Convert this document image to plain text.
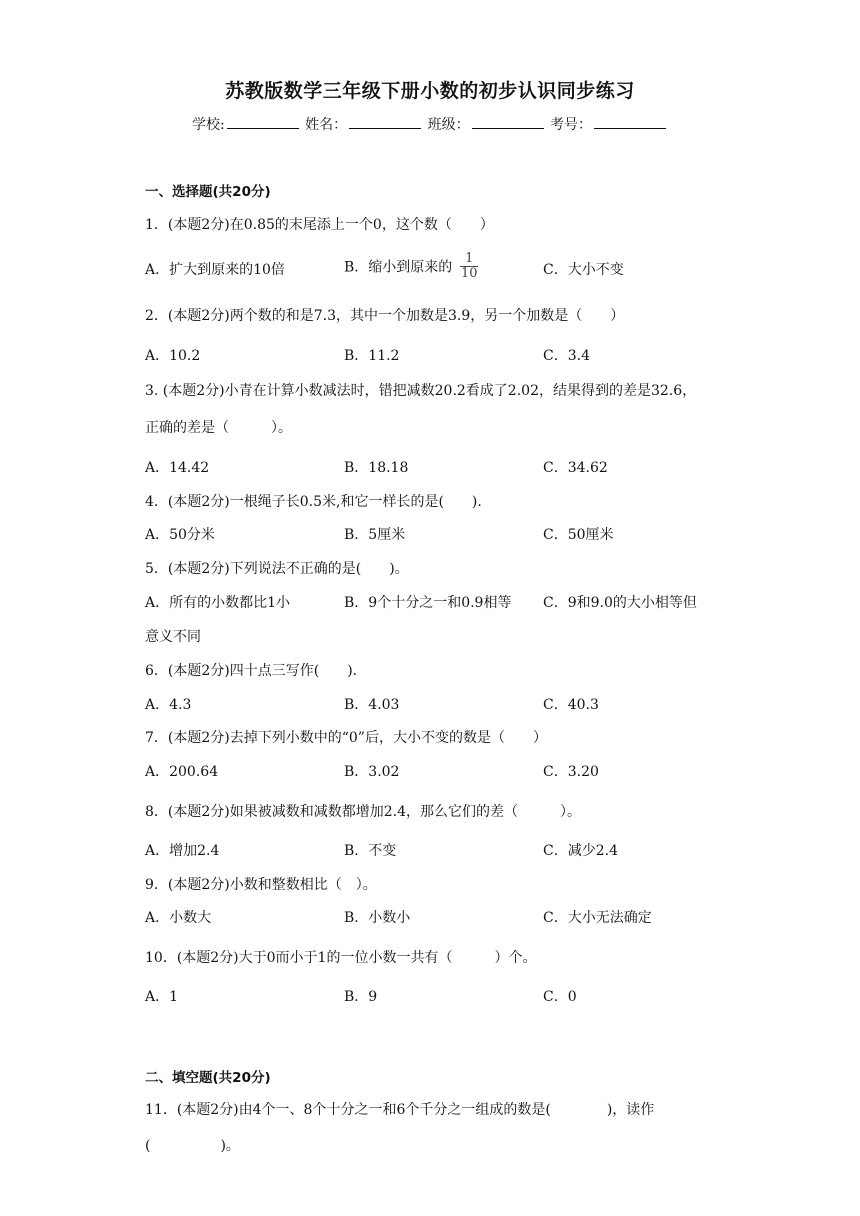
苏教版数学三年级下册小数的初步认识同步练习
学校:	姓名：	班级：	考号：
一、选择题(共20分)
1．(本题2分)在0.85的末尾添上一个0，这个数（　　）
A．扩大到原来的10倍	B．缩小到原来的 $\frac{1}{10}$	C．大小不变
2．(本题2分)两个数的和是7.3，其中一个加数是3.9，另一个加数是（　　）
A．10.2	B．11.2	C．3.4
3. (本题2分)小青在计算小数减法时，错把减数20.2看成了2.02，结果得到的差是32.6，
正确的差是（　　　）。
A．14.42	B．18.18	C．34.62
4．(本题2分)一根绳子长0.5米,和它一样长的是(　　).
A．50分米	B．5厘米	C．50厘米
5．(本题2分)下列说法不正确的是(　　)。
A．所有的小数都比1小	B．9个十分之一和0.9相等 C．9和9.0的大小相等但
意义不同
6．(本题2分)四十点三写作(　　).
A．4.3	B．4.03	C．40.3
7．(本题2分)去掉下列小数中的“0”后，大小不变的数是（　　）
A．200.64	B．3.02	C．3.20
8．(本题2分)如果被减数和减数都增加2.4，那么它们的差（　　　）。
A．增加2.4	B．不变	C．减少2.4
9．(本题2分)小数和整数相比（　）。
A．小数大	B．小数小	C．大小无法确定
10．(本题2分)大于0而小于1的一位小数一共有（　　　）个。
A．1	B．9	C．0
二、填空题(共20分)
11．(本题2分)由4个一、8个十分之一和6个千分之一组成的数是(　　　　)，读作
(　　　　　)。
